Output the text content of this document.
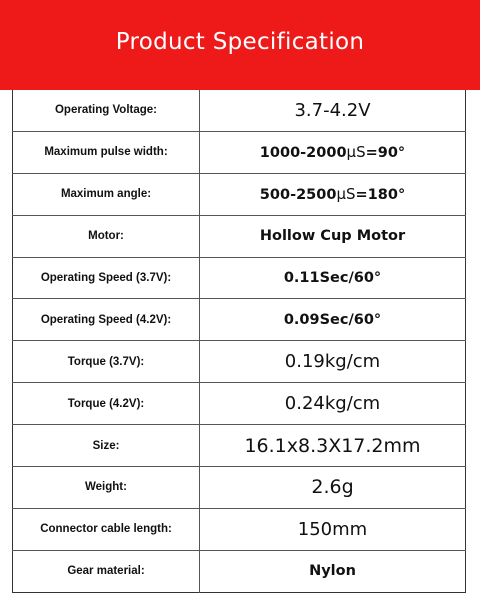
Product Specification
Operating Voltage:	3.7-4.2V
Maximum pulse width:	1000-2000μS=90°
Maximum angle:	500-2500μS=180°
Motor:	Hollow Cup Motor
Operating Speed (3.7V):	0.11Sec/60°
Operating Speed (4.2V):	0.09Sec/60°
Torque (3.7V):	0.19kg/cm
Torque (4.2V):	0.24kg/cm
Size:	16.1x8.3X17.2mm
Weight:	2.6g
Connector cable length:	150mm
Gear material:	Nylon
